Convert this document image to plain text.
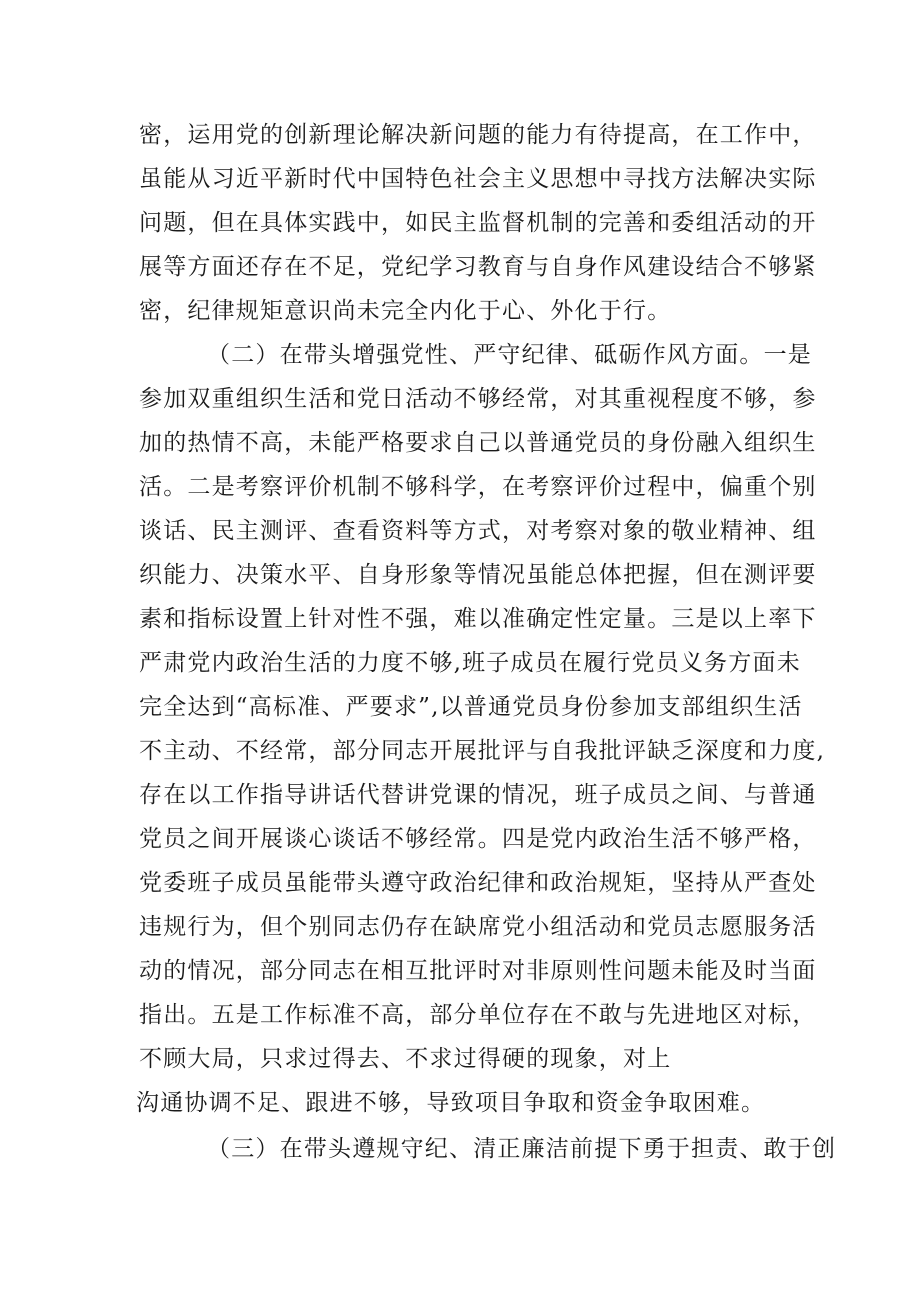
密，运用党的创新理论解决新问题的能力有待提高，在工作中，
虽能从习近平新时代中国特色社会主义思想中寻找方法解决实际
问题，但在具体实践中，如民主监督机制的完善和委组活动的开
展等方面还存在不足，党纪学习教育与自身作风建设结合不够紧
密，纪律规矩意识尚未完全内化于心、外化于行。
（二）在带头增强党性、严守纪律、砥砺作风方面。一是
参加双重组织生活和党日活动不够经常，对其重视程度不够，参
加的热情不高，未能严格要求自己以普通党员的身份融入组织生
活。二是考察评价机制不够科学，在考察评价过程中，偏重个别
谈话、民主测评、查看资料等方式，对考察对象的敬业精神、组
织能力、决策水平、自身形象等情况虽能总体把握，但在测评要
素和指标设置上针对性不强，难以准确定性定量。三是以上率下
严肃党内政治生活的力度不够,班子成员在履行党员义务方面未
完全达到“高标准、严要求”,以普通党员身份参加支部组织生活
不主动、不经常，部分同志开展批评与自我批评缺乏深度和力度,
存在以工作指导讲话代替讲党课的情况，班子成员之间、与普通
党员之间开展谈心谈话不够经常。四是党内政治生活不够严格，
党委班子成员虽能带头遵守政治纪律和政治规矩，坚持从严查处
违规行为，但个别同志仍存在缺席党小组活动和党员志愿服务活
动的情况，部分同志在相互批评时对非原则性问题未能及时当面
指出。五是工作标准不高，部分单位存在不敢与先进地区对标，
不顾大局，只求过得去、不求过得硬的现象，对上
沟通协调不足、跟进不够，导致项目争取和资金争取困难。
（三）在带头遵规守纪、清正廉洁前提下勇于担责、敢于创
